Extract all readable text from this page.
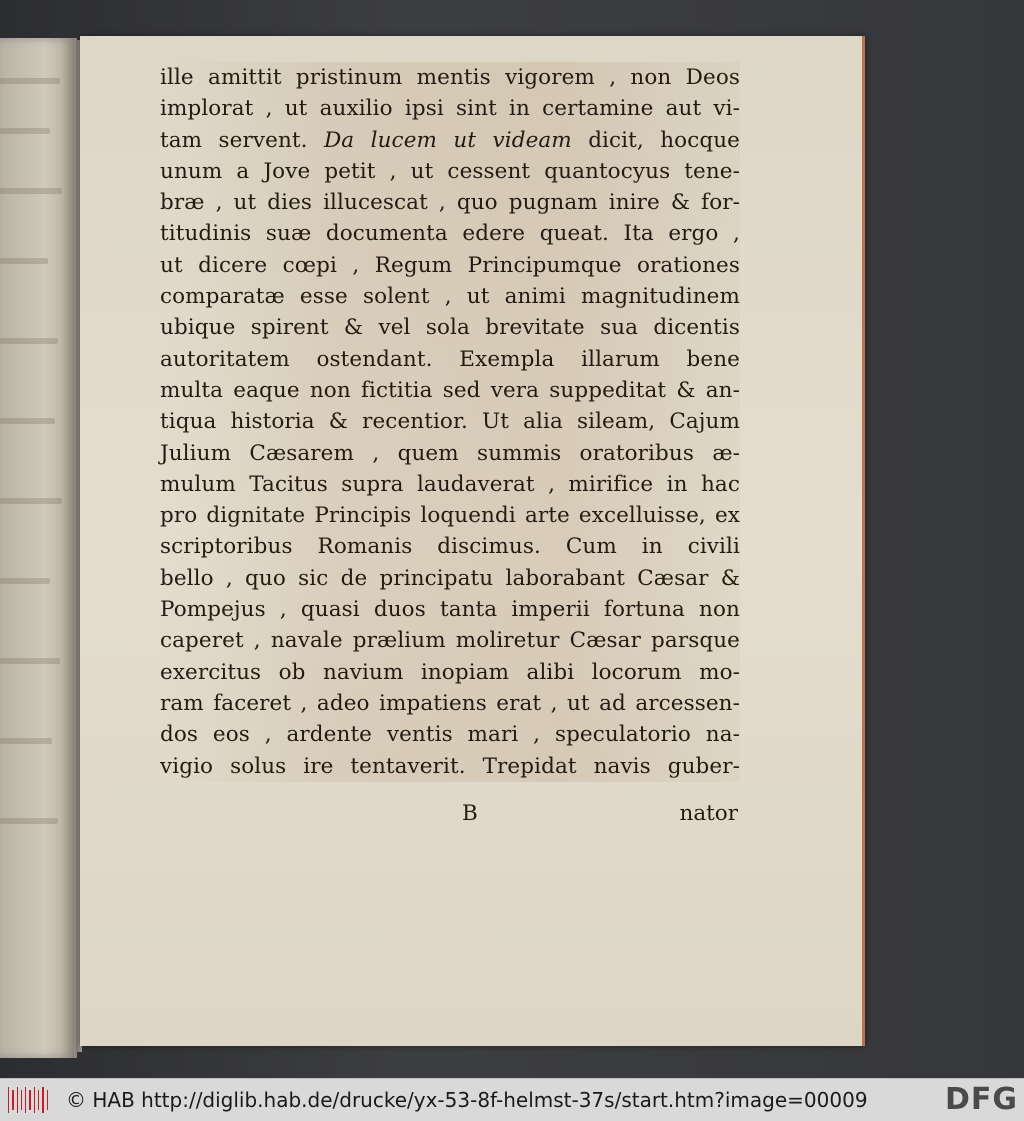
ille amittit pristinum mentis vigorem , non Deos
implorat , ut auxilio ipsi sint in certamine aut vi-
tam servent. Da lucem ut videam dicit, hocque
unum a Jove petit , ut cessent quantocyus tene-
bræ , ut dies illucescat , quo pugnam inire & for-
titudinis suæ documenta edere queat. Ita ergo ,
ut dicere cœpi , Regum Principumque orationes
comparatæ esse solent , ut animi magnitudinem
ubique spirent & vel sola brevitate sua dicentis
autoritatem ostendant. Exempla illarum bene
multa eaque non fictitia sed vera suppeditat & an-
tiqua historia & recentior. Ut alia sileam, Cajum
Julium Cæsarem , quem summis oratoribus æ-
mulum Tacitus supra laudaverat , mirifice in hac
pro dignitate Principis loquendi arte excelluisse, ex
scriptoribus Romanis discimus. Cum in civili
bello , quo sic de principatu laborabant Cæsar &
Pompejus , quasi duos tanta imperii fortuna non
caperet , navale prælium moliretur Cæsar parsque
exercitus ob navium inopiam alibi locorum mo-
ram faceret , adeo impatiens erat , ut ad arcessen-
dos eos , ardente ventis mari , speculatorio na-
vigio solus ire tentaverit. Trepidat navis guber-
B	nator
© HAB http://diglib.hab.de/drucke/yx-53-8f-helmst-37s/start.htm?image=00009	DFG
